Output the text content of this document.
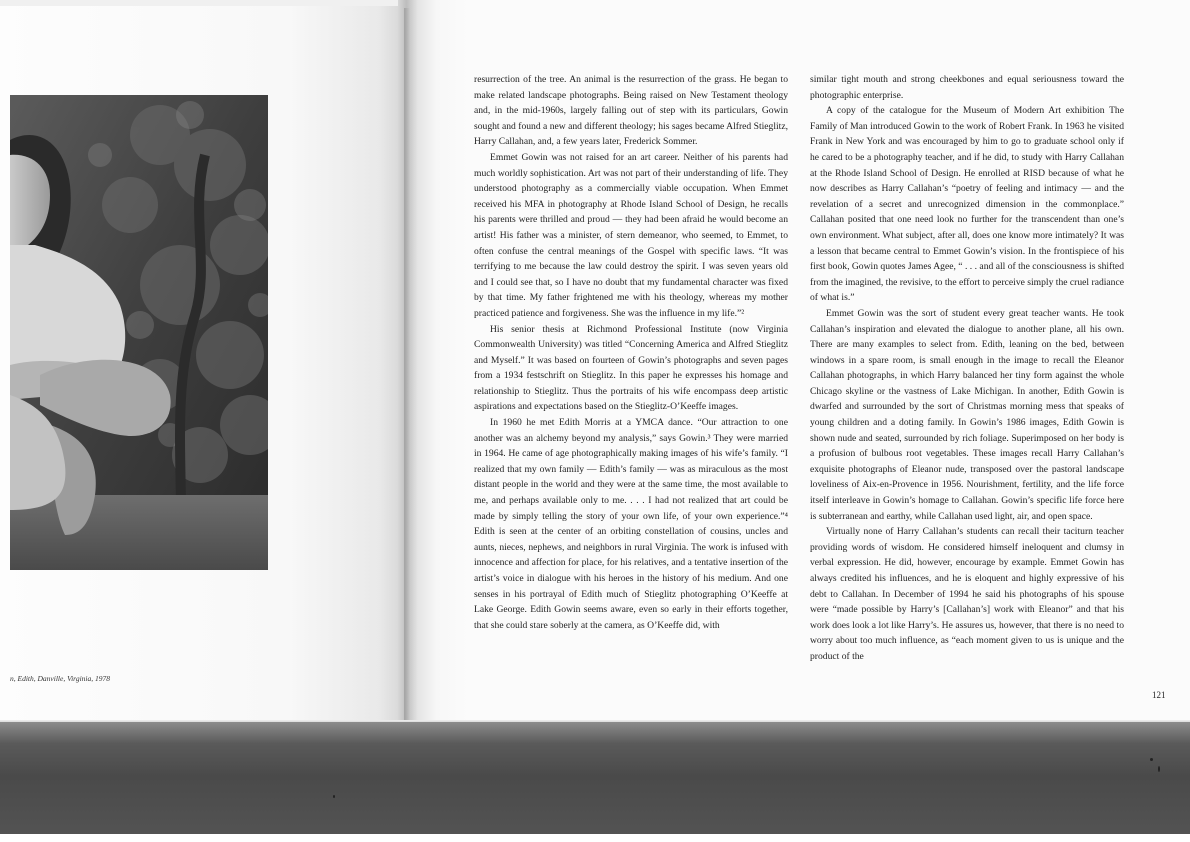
n, Edith, Danville, Virginia, 1978

resurrection of the tree. An animal is the resurrection of the grass. He began to make related landscape photographs. Being raised on New Testament theology and, in the mid-1960s, largely falling out of step with its particulars, Gowin sought and found a new and different theology; his sages became Alfred Stieglitz, Harry Callahan, and, a few years later, Frederick Sommer.

Emmet Gowin was not raised for an art career. Neither of his parents had much worldly sophistication. Art was not part of their understanding of life. They understood photography as a commercially viable occupation. When Emmet received his MFA in photography at Rhode Island School of Design, he recalls his parents were thrilled and proud — they had been afraid he would become an artist! His father was a minister, of stern demeanor, who seemed, to Emmet, to often confuse the central meanings of the Gospel with specific laws. “It was terrifying to me because the law could destroy the spirit. I was seven years old and I could see that, so I have no doubt that my fundamental character was fixed by that time. My father frightened me with his theology, whereas my mother practiced patience and forgiveness. She was the influence in my life.”²

His senior thesis at Richmond Professional Institute (now Virginia Commonwealth University) was titled “Concerning America and Alfred Stieglitz and Myself.” It was based on fourteen of Gowin’s photographs and seven pages from a 1934 festschrift on Stieglitz. In this paper he expresses his homage and relationship to Stieglitz. Thus the portraits of his wife encompass deep artistic aspirations and expectations based on the Stieglitz-O’Keeffe images.

In 1960 he met Edith Morris at a YMCA dance. “Our attraction to one another was an alchemy beyond my analysis,” says Gowin.³ They were married in 1964. He came of age photographically making images of his wife’s family. “I realized that my own family — Edith’s family — was as miraculous as the most distant people in the world and they were at the same time, the most available to me, and perhaps available only to me. . . . I had not realized that art could be made by simply telling the story of your own life, of your own experience.”⁴ Edith is seen at the center of an orbiting constellation of cousins, uncles and aunts, nieces, nephews, and neighbors in rural Virginia. The work is infused with innocence and affection for place, for his relatives, and a tentative insertion of the artist’s voice in dialogue with his heroes in the history of his medium. And one senses in his portrayal of Edith much of Stieglitz photographing O’Keeffe at Lake George. Edith Gowin seems aware, even so early in their efforts together, that she could stare soberly at the camera, as O’Keeffe did, with

similar tight mouth and strong cheekbones and equal seriousness toward the photographic enterprise.

A copy of the catalogue for the Museum of Modern Art exhibition The Family of Man introduced Gowin to the work of Robert Frank. In 1963 he visited Frank in New York and was encouraged by him to go to graduate school only if he cared to be a photography teacher, and if he did, to study with Harry Callahan at the Rhode Island School of Design. He enrolled at RISD because of what he now describes as Harry Callahan’s “poetry of feeling and intimacy — and the revelation of a secret and unrecognized dimension in the commonplace.” Callahan posited that one need look no further for the transcendent than one’s own environment. What subject, after all, does one know more intimately? It was a lesson that became central to Emmet Gowin’s vision. In the frontispiece of his first book, Gowin quotes James Agee, “ . . . and all of the consciousness is shifted from the imagined, the revisive, to the effort to perceive simply the cruel radiance of what is.”

Emmet Gowin was the sort of student every great teacher wants. He took Callahan’s inspiration and elevated the dialogue to another plane, all his own. There are many examples to select from. Edith, leaning on the bed, between windows in a spare room, is small enough in the image to recall the Eleanor Callahan photographs, in which Harry balanced her tiny form against the whole Chicago skyline or the vastness of Lake Michigan. In another, Edith Gowin is dwarfed and surrounded by the sort of Christmas morning mess that speaks of young children and a doting family. In Gowin’s 1986 images, Edith Gowin is shown nude and seated, surrounded by rich foliage. Superimposed on her body is a profusion of bulbous root vegetables. These images recall Harry Callahan’s exquisite photographs of Eleanor nude, transposed over the pastoral landscape loveliness of Aix-en-Provence in 1956. Nourishment, fertility, and the life force itself interleave in Gowin’s homage to Callahan. Gowin’s specific life force here is subterranean and earthy, while Callahan used light, air, and open space.

Virtually none of Harry Callahan’s students can recall their taciturn teacher providing words of wisdom. He considered himself ineloquent and clumsy in verbal expression. He did, however, encourage by example. Emmet Gowin has always credited his influences, and he is eloquent and highly expressive of his debt to Callahan. In December of 1994 he said his photographs of his spouse were “made possible by Harry’s [Callahan’s] work with Eleanor” and that his work does look a lot like Harry’s. He assures us, however, that there is no need to worry about too much influence, as “each moment given to us is unique and the product of the

121
